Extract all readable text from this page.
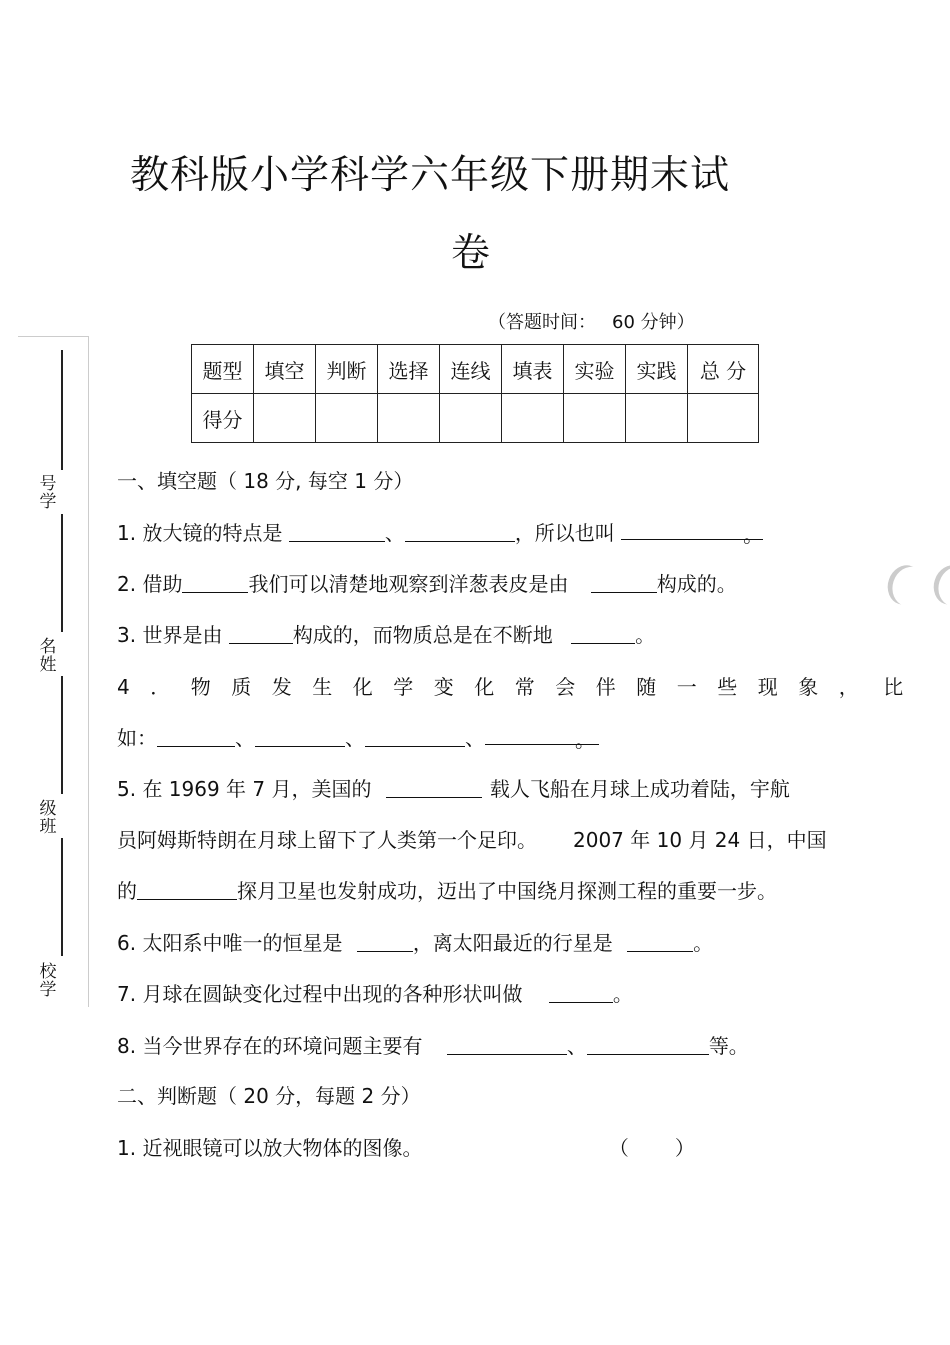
教科版小学科学六年级下册期末试
卷
（答题时间： 60 分钟）
号学
名姓
级班
校学
题型	填空	判断	选择	连线	填表	实验	实践	总 分
得分								
一、填空题（ 18 分, 每空 1 分）
1. 放大镜的特点是	、	，所以也叫	。
2. 借助	我们可以清楚地观察到洋葱表皮是由	构成的。
3. 世界是由	构成的，而物质总是在不断地	。
4．物质发生化学变化常会伴随一些现象， 比
如：	、	、	、	。
5. 在 1969 年 7 月，美国的	载人飞船在月球上成功着陆，宇航
员阿姆斯特朗在月球上留下了人类第一个足印。 2007 年 10 月 24 日，中国
的	探月卫星也发射成功，迈出了中国绕月探测工程的重要一步。
6. 太阳系中唯一的恒星是	，离太阳最近的行星是	。
7. 月球在圆缺变化过程中出现的各种形状叫做	。
8. 当今世界存在的环境问题主要有	、	等。
二、判断题（ 20 分，每题 2 分）
1. 近视眼镜可以放大物体的图像。	（ ）
